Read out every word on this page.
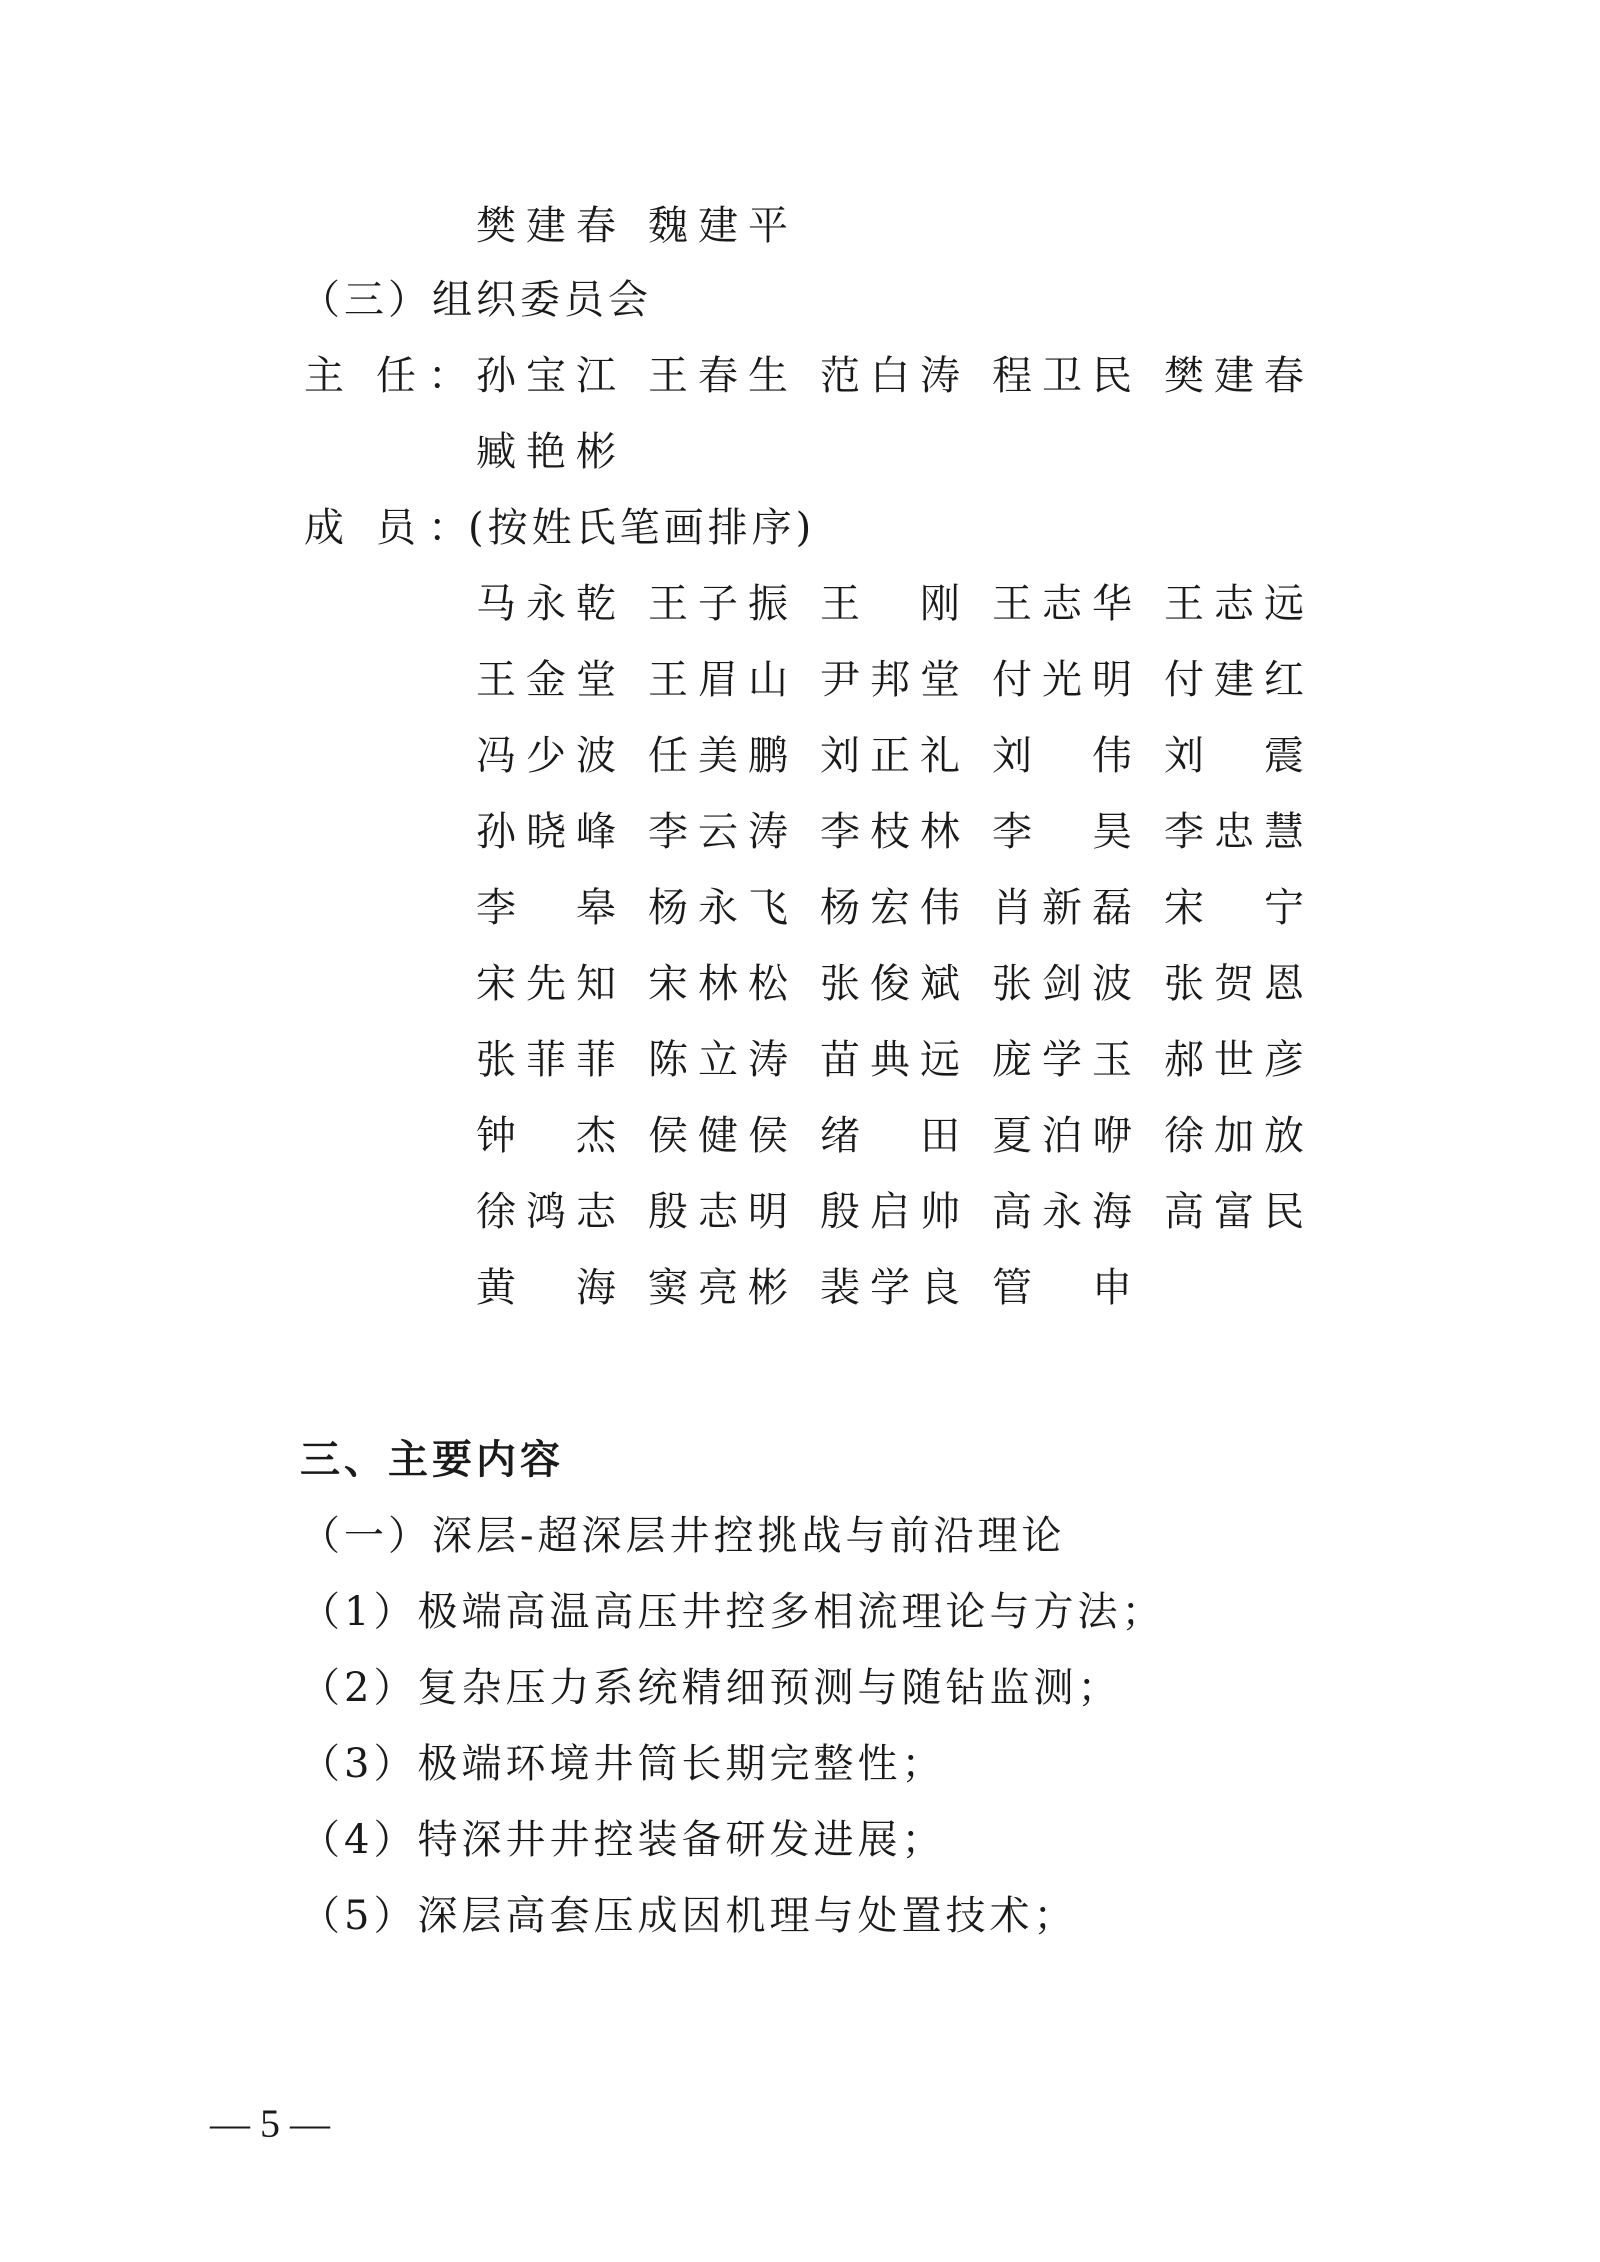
樊建春 魏建平
（三）组织委员会
主 任 ： 孙宝江 王春生 范白涛 程卫民 樊建春
臧艳彬
成 员 ： (按姓氏笔画排序)
马永乾 王子振 王 刚 王志华 王志远
王金堂 王眉山 尹邦堂 付光明 付建红
冯少波 任美鹏 刘正礼 刘 伟 刘 震
孙晓峰 李云涛 李枝林 李 昊 李忠慧
李 皋 杨永飞 杨宏伟 肖新磊 宋 宁
宋先知 宋林松 张俊斌 张剑波 张贺恩
张菲菲 陈立涛 苗典远 庞学玉 郝世彦
钟 杰 侯健侯 绪 田 夏泊咿 徐加放
徐鸿志 殷志明 殷启帅 高永海 高富民
黄 海 窦亮彬 裴学良 管 申
三、主要内容
（一）深层-超深层井控挑战与前沿理论
（1）极端高温高压井控多相流理论与方法；
（2）复杂压力系统精细预测与随钻监测；
（3）极端环境井筒长期完整性；
（4）特深井井控装备研发进展；
（5）深层高套压成因机理与处置技术；
— 5 —
